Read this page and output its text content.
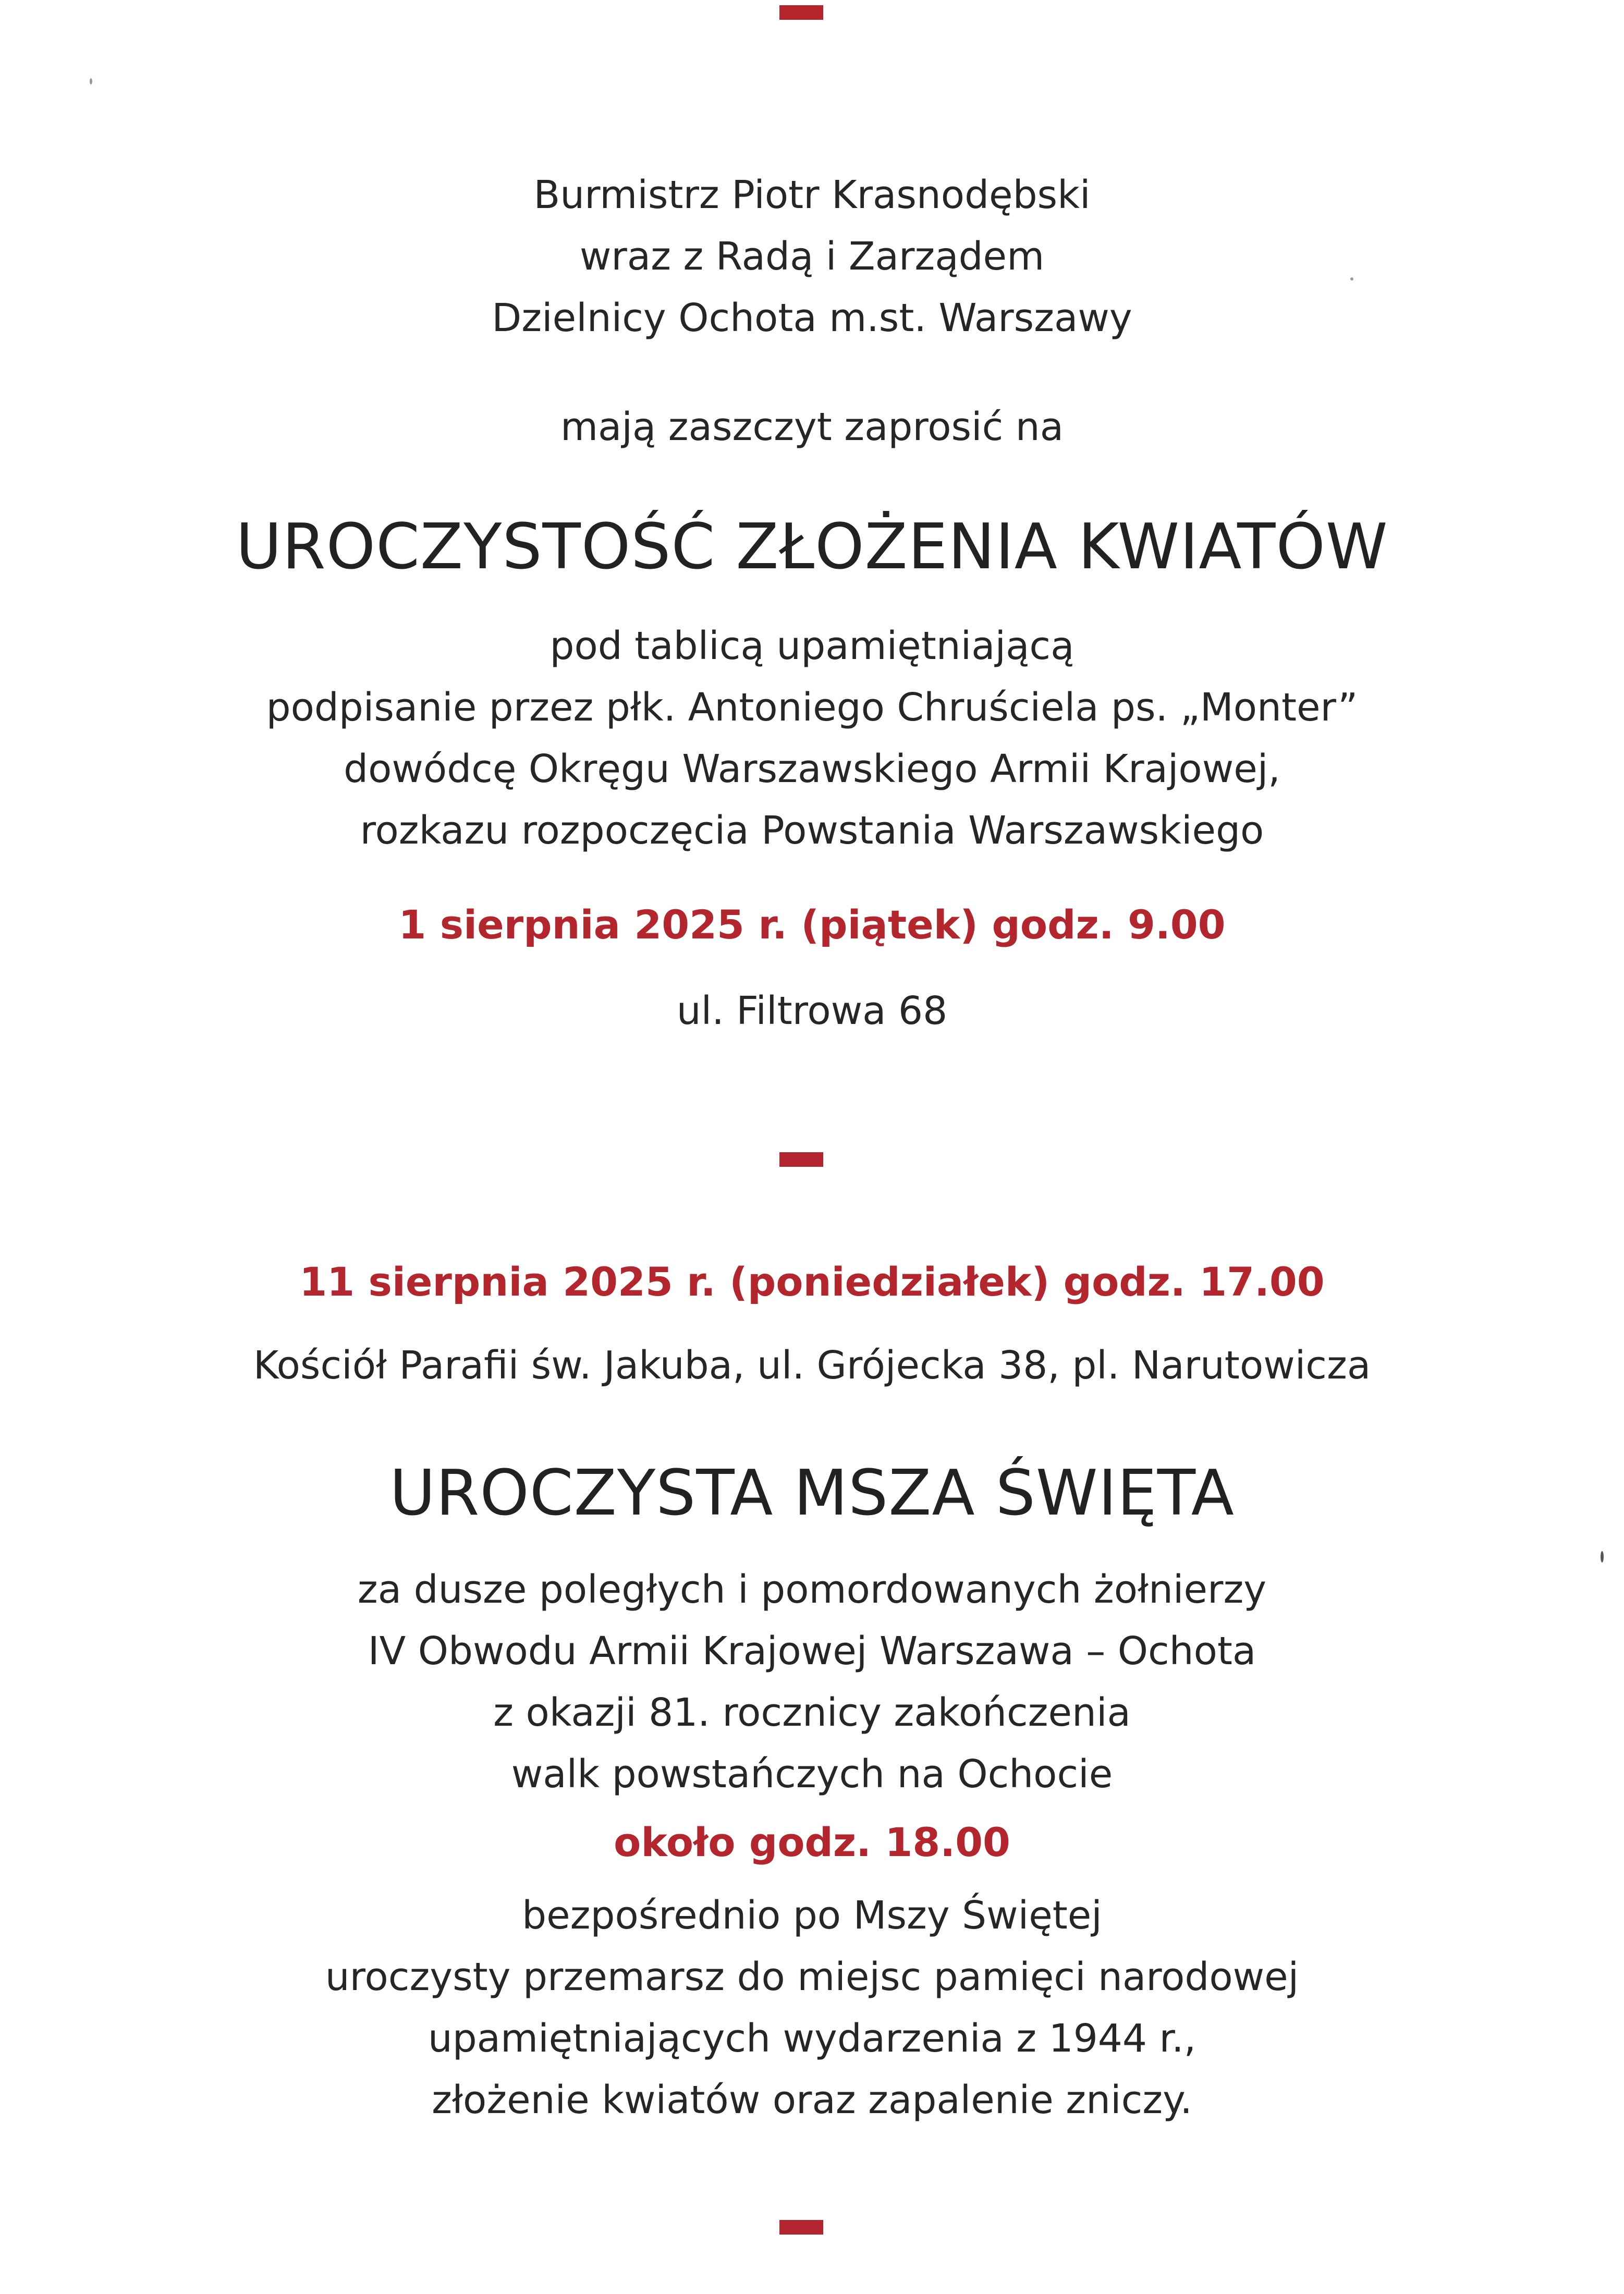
Burmistrz Piotr Krasnodębski
wraz z Radą i Zarządem
Dzielnicy Ochota m.st. Warszawy
mają zaszczyt zaprosić na
UROCZYSTOŚĆ ZŁOŻENIA KWIATÓW
pod tablicą upamiętniającą
podpisanie przez płk. Antoniego Chruściela ps. „Monter”
dowódcę Okręgu Warszawskiego Armii Krajowej,
rozkazu rozpoczęcia Powstania Warszawskiego
1 sierpnia 2025 r. (piątek) godz. 9.00
ul. Filtrowa 68
11 sierpnia 2025 r. (poniedziałek) godz. 17.00
Kościół Parafii św. Jakuba, ul. Grójecka 38, pl. Narutowicza
UROCZYSTA MSZA ŚWIĘTA
za dusze poległych i pomordowanych żołnierzy
IV Obwodu Armii Krajowej Warszawa – Ochota
z okazji 81. rocznicy zakończenia
walk powstańczych na Ochocie
około godz. 18.00
bezpośrednio po Mszy Świętej
uroczysty przemarsz do miejsc pamięci narodowej
upamiętniających wydarzenia z 1944 r.,
złożenie kwiatów oraz zapalenie zniczy.
